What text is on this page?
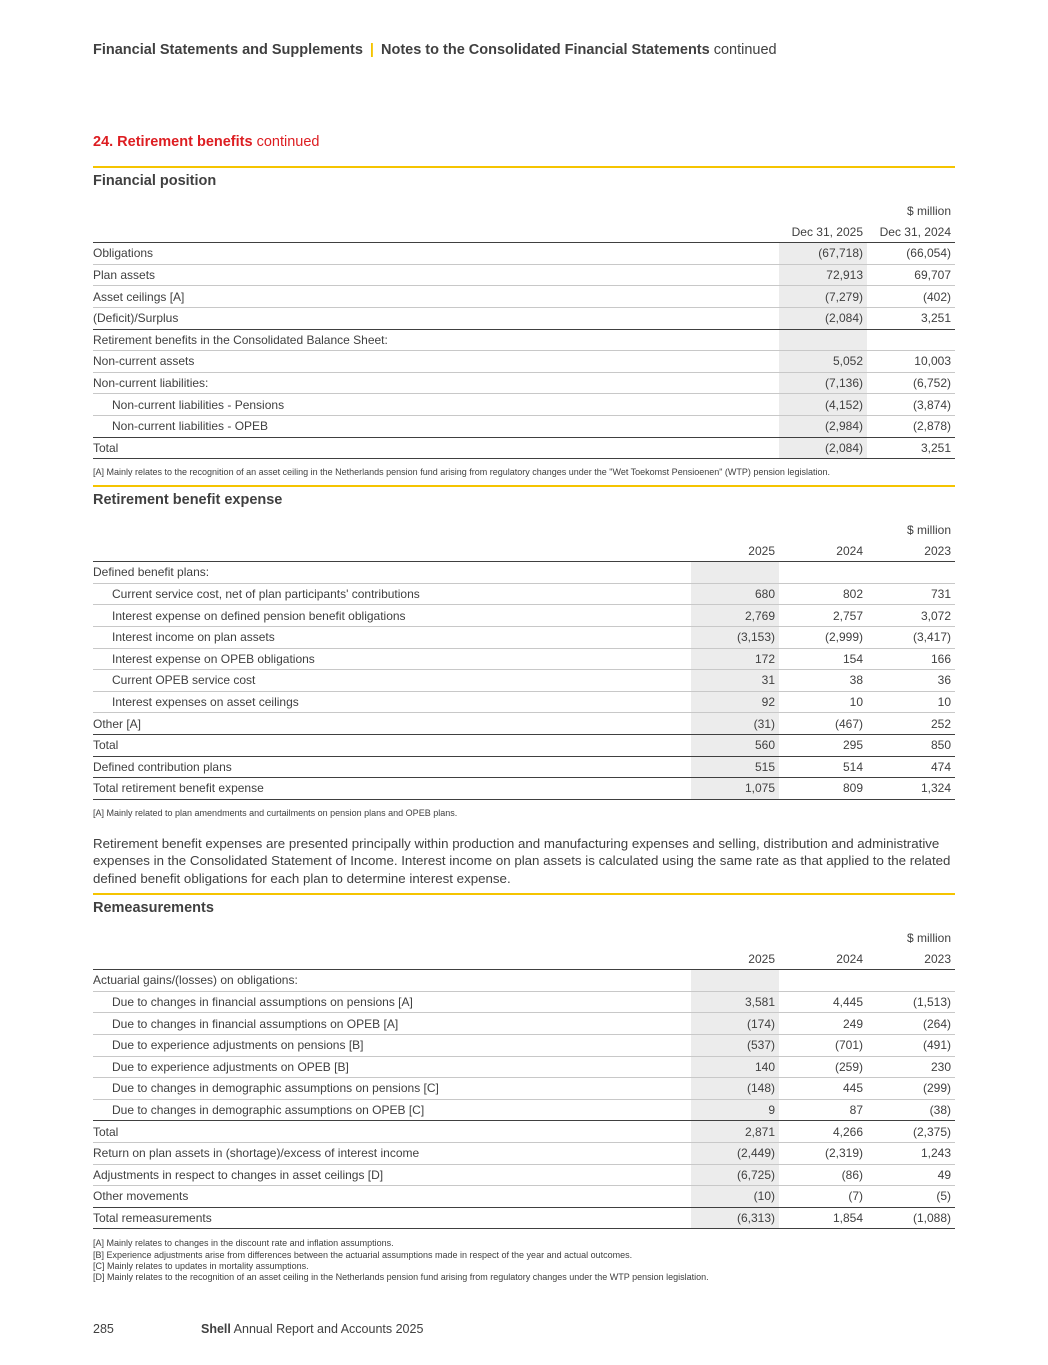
Financial Statements and Supplements | Notes to the Consolidated Financial Statements continued
24. Retirement benefits continued
Financial position
		$ million
	Dec 31, 2025	Dec 31, 2024
Obligations	(67,718)	(66,054)
Plan assets	72,913	69,707
Asset ceilings [A]	(7,279)	(402)
(Deficit)/Surplus	(2,084)	3,251
Retirement benefits in the Consolidated Balance Sheet:		
Non-current assets	5,052	10,003
Non-current liabilities:	(7,136)	(6,752)
Non-current liabilities - Pensions	(4,152)	(3,874)
Non-current liabilities - OPEB	(2,984)	(2,878)
Total	(2,084)	3,251
[A] Mainly relates to the recognition of an asset ceiling in the Netherlands pension fund arising from regulatory changes under the "Wet Toekomst Pensioenen" (WTP) pension legislation.
Retirement benefit expense
			$ million
	2025	2024	2023
Defined benefit plans:			
Current service cost, net of plan participants' contributions	680	802	731
Interest expense on defined pension benefit obligations	2,769	2,757	3,072
Interest income on plan assets	(3,153)	(2,999)	(3,417)
Interest expense on OPEB obligations	172	154	166
Current OPEB service cost	31	38	36
Interest expenses on asset ceilings	92	10	10
Other [A]	(31)	(467)	252
Total	560	295	850
Defined contribution plans	515	514	474
Total retirement benefit expense	1,075	809	1,324
[A] Mainly related to plan amendments and curtailments on pension plans and OPEB plans.
Retirement benefit expenses are presented principally within production and manufacturing expenses and selling, distribution and administrative expenses in the Consolidated Statement of Income. Interest income on plan assets is calculated using the same rate as that applied to the related defined benefit obligations for each plan to determine interest expense.
Remeasurements
			$ million
	2025	2024	2023
Actuarial gains/(losses) on obligations:			
Due to changes in financial assumptions on pensions [A]	3,581	4,445	(1,513)
Due to changes in financial assumptions on OPEB [A]	(174)	249	(264)
Due to experience adjustments on pensions [B]	(537)	(701)	(491)
Due to experience adjustments on OPEB [B]	140	(259)	230
Due to changes in demographic assumptions on pensions [C]	(148)	445	(299)
Due to changes in demographic assumptions on OPEB [C]	9	87	(38)
Total	2,871	4,266	(2,375)
Return on plan assets in (shortage)/excess of interest income	(2,449)	(2,319)	1,243
Adjustments in respect to changes in asset ceilings [D]	(6,725)	(86)	49
Other movements	(10)	(7)	(5)
Total remeasurements	(6,313)	1,854	(1,088)
[A] Mainly relates to changes in the discount rate and inflation assumptions.
[B] Experience adjustments arise from differences between the actuarial assumptions made in respect of the year and actual outcomes.
[C] Mainly relates to updates in mortality assumptions.
[D] Mainly relates to the recognition of an asset ceiling in the Netherlands pension fund arising from regulatory changes under the WTP pension legislation.
285	Shell Annual Report and Accounts 2025
